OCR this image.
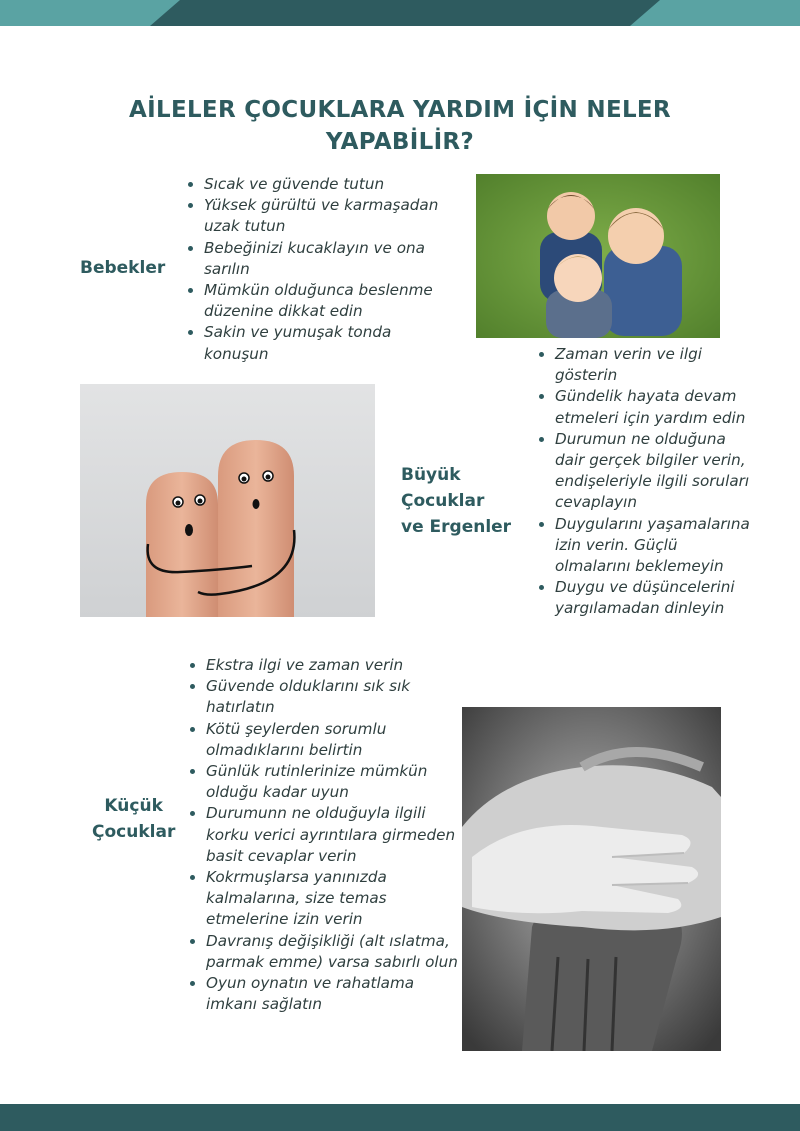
AİLELER ÇOCUKLARA YARDIM İÇİN NELER
YAPABİLİR?
Bebekler
• Sıcak ve güvende tutun
• Yüksek gürültü ve karmaşadan uzak tutun
• Bebeğinizi kucaklayın ve ona sarılın
• Mümkün olduğunca beslenme düzenine dikkat edin
• Sakin ve yumuşak tonda konuşun
Büyük
Çocuklar
ve Ergenler
• Zaman verin ve ilgi gösterin
• Gündelik hayata devam etmeleri için yardım edin
• Durumun ne olduğuna dair gerçek bilgiler verin, endişeleriyle ilgili soruları cevaplayın
• Duygularını yaşamalarına izin verin. Güçlü olmalarını beklemeyin
• Duygu ve düşüncelerini yargılamadan dinleyin
Küçük
Çocuklar
• Ekstra ilgi ve zaman verin
• Güvende olduklarını sık sık hatırlatın
• Kötü şeylerden sorumlu olmadıklarını belirtin
• Günlük rutinlerinize mümkün olduğu kadar uyun
• Durumunn ne olduğuyla ilgili korku verici ayrıntılara girmeden basit cevaplar verin
• Kokrmuşlarsa yanınızda kalmalarına, size temas etmelerine izin verin
• Davranış değişikliği (alt ıslatma, parmak emme) varsa sabırlı olun
• Oyun oynatın ve rahatlama imkanı sağlatın
